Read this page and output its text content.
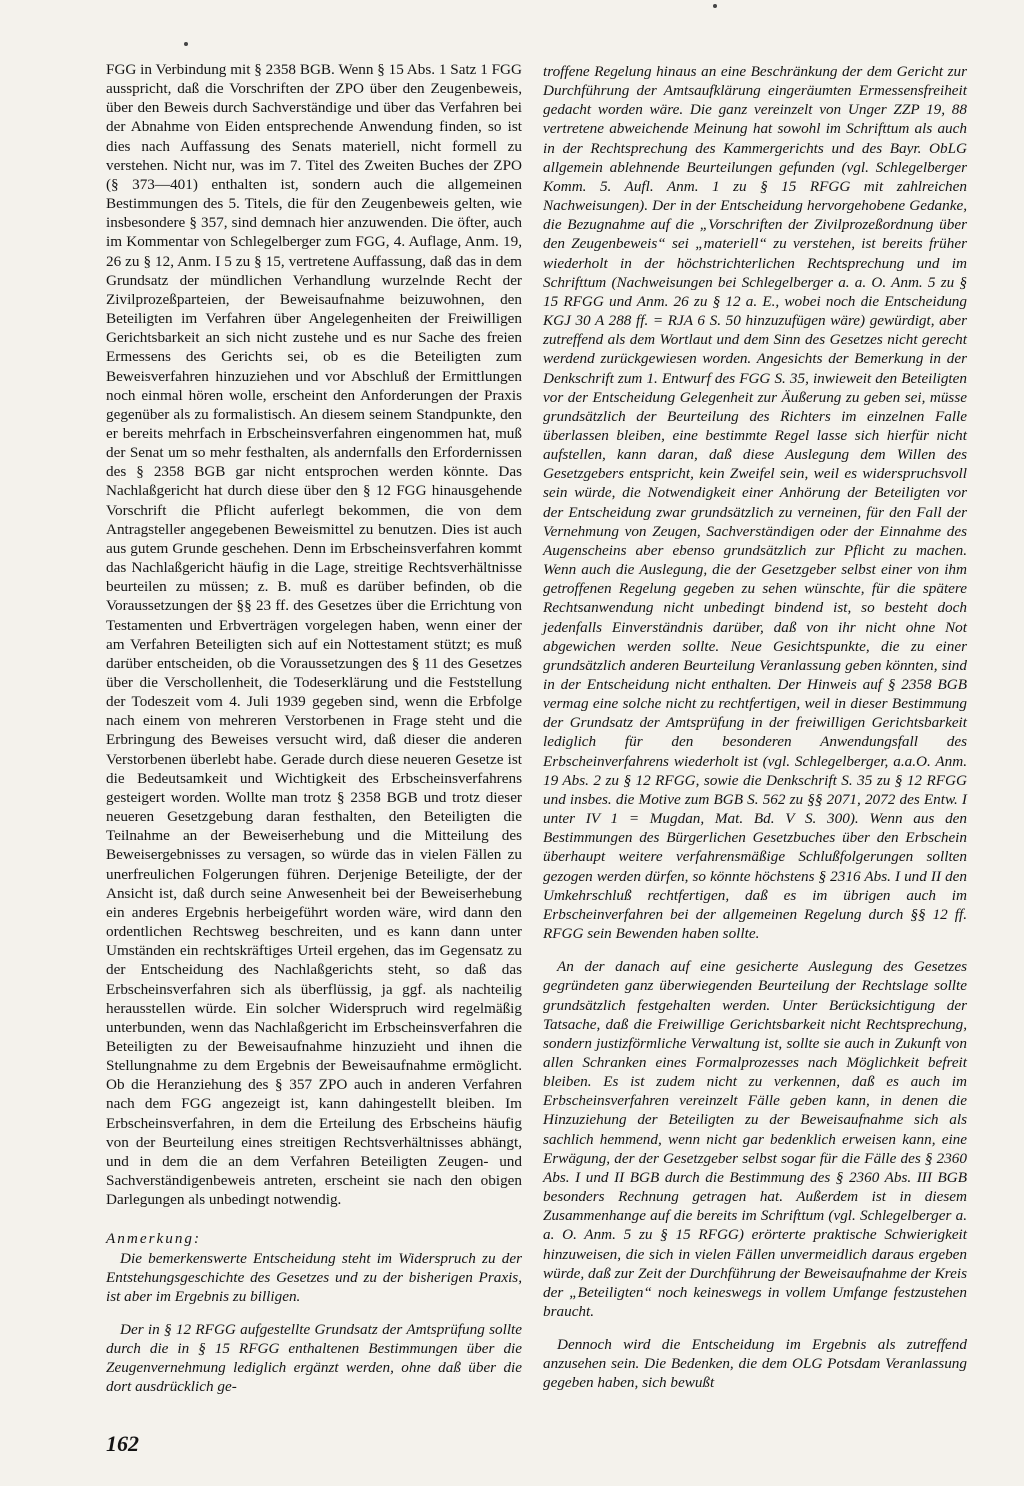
FGG in Verbindung mit § 2358 BGB. Wenn § 15 Abs. 1 Satz 1 FGG ausspricht, daß die Vorschriften der ZPO über den Zeugenbeweis, über den Beweis durch Sachverständige und über das Verfahren bei der Abnahme von Eiden entsprechende Anwendung finden, so ist dies nach Auffassung des Senats materiell, nicht formell zu verstehen. Nicht nur, was im 7. Titel des Zweiten Buches der ZPO (§ 373—401) enthalten ist, sondern auch die allgemeinen Bestimmungen des 5. Titels, die für den Zeugenbeweis gelten, wie insbesondere § 357, sind demnach hier anzuwenden. Die öfter, auch im Kommentar von Schlegelberger zum FGG, 4. Auflage, Anm. 19, 26 zu § 12, Anm. I 5 zu § 15, vertretene Auffassung, daß das in dem Grundsatz der mündlichen Verhandlung wurzelnde Recht der Zivilprozeßparteien, der Beweisaufnahme beizuwohnen, den Beteiligten im Verfahren über Angelegenheiten der Freiwilligen Gerichtsbarkeit an sich nicht zustehe und es nur Sache des freien Ermessens des Gerichts sei, ob es die Beteiligten zum Beweisverfahren hinzuziehen und vor Abschluß der Ermittlungen noch einmal hören wolle, erscheint den Anforderungen der Praxis gegenüber als zu formalistisch. An diesem seinem Standpunkte, den er bereits mehrfach in Erbscheinsverfahren eingenommen hat, muß der Senat um so mehr festhalten, als andernfalls den Erfordernissen des § 2358 BGB gar nicht entsprochen werden könnte. Das Nachlaßgericht hat durch diese über den § 12 FGG hinausgehende Vorschrift die Pflicht auferlegt bekommen, die von dem Antragsteller angegebenen Beweismittel zu benutzen. Dies ist auch aus gutem Grunde geschehen. Denn im Erbscheinsverfahren kommt das Nachlaßgericht häufig in die Lage, streitige Rechtsverhältnisse beurteilen zu müssen; z. B. muß es darüber befinden, ob die Voraussetzungen der §§ 23 ff. des Gesetzes über die Errichtung von Testamenten und Erbverträgen vorgelegen haben, wenn einer der am Verfahren Beteiligten sich auf ein Nottestament stützt; es muß darüber entscheiden, ob die Voraussetzungen des § 11 des Gesetzes über die Verschollenheit, die Todeserklärung und die Feststellung der Todeszeit vom 4. Juli 1939 gegeben sind, wenn die Erbfolge nach einem von mehreren Verstorbenen in Frage steht und die Erbringung des Beweises versucht wird, daß dieser die anderen Verstorbenen überlebt habe. Gerade durch diese neueren Gesetze ist die Bedeutsamkeit und Wichtigkeit des Erbscheinsverfahrens gesteigert worden. Wollte man trotz § 2358 BGB und trotz dieser neueren Gesetzgebung daran festhalten, den Beteiligten die Teilnahme an der Beweiserhebung und die Mitteilung des Beweisergebnisses zu versagen, so würde das in vielen Fällen zu unerfreulichen Folgerungen führen. Derjenige Beteiligte, der der Ansicht ist, daß durch seine Anwesenheit bei der Beweiserhebung ein anderes Ergebnis herbeigeführt worden wäre, wird dann den ordentlichen Rechtsweg beschreiten, und es kann dann unter Umständen ein rechtskräftiges Urteil ergehen, das im Gegensatz zu der Entscheidung des Nachlaßgerichts steht, so daß das Erbscheinsverfahren sich als überflüssig, ja ggf. als nachteilig herausstellen würde. Ein solcher Widerspruch wird regelmäßig unterbunden, wenn das Nachlaßgericht im Erbscheinsverfahren die Beteiligten zu der Beweisaufnahme hinzuzieht und ihnen die Stellungnahme zu dem Ergebnis der Beweisaufnahme ermöglicht. Ob die Heranziehung des § 357 ZPO auch in anderen Verfahren nach dem FGG angezeigt ist, kann dahingestellt bleiben. Im Erbscheinsverfahren, in dem die Erteilung des Erbscheins häufig von der Beurteilung eines streitigen Rechtsverhältnisses abhängt, und in dem die an dem Verfahren Beteiligten Zeugen- und Sachverständigenbeweis antreten, erscheint sie nach den obigen Darlegungen als unbedingt notwendig.

Anmerkung:

Die bemerkenswerte Entscheidung steht im Widerspruch zu der Entstehungsgeschichte des Gesetzes und zu der bisherigen Praxis, ist aber im Ergebnis zu billigen.

Der in § 12 RFGG aufgestellte Grundsatz der Amtsprüfung sollte durch die in § 15 RFGG enthaltenen Bestimmungen über die Zeugenvernehmung lediglich ergänzt werden, ohne daß über die dort ausdrücklich ge-

troffene Regelung hinaus an eine Beschränkung der dem Gericht zur Durchführung der Amtsaufklärung eingeräumten Ermessensfreiheit gedacht worden wäre. Die ganz vereinzelt von Unger ZZP 19, 88 vertretene abweichende Meinung hat sowohl im Schrifttum als auch in der Rechtsprechung des Kammergerichts und des Bayr. ObLG allgemein ablehnende Beurteilungen gefunden (vgl. Schlegelberger Komm. 5. Aufl. Anm. 1 zu § 15 RFGG mit zahlreichen Nachweisungen). Der in der Entscheidung hervorgehobene Gedanke, die Bezugnahme auf die „Vorschriften der Zivilprozeßordnung über den Zeugenbeweis“ sei „materiell“ zu verstehen, ist bereits früher wiederholt in der höchstrichterlichen Rechtsprechung und im Schrifttum (Nachweisungen bei Schlegelberger a. a. O. Anm. 5 zu § 15 RFGG und Anm. 26 zu § 12 a. E., wobei noch die Entscheidung KGJ 30 A 288 ff. = RJA 6 S. 50 hinzuzufügen wäre) gewürdigt, aber zutreffend als dem Wortlaut und dem Sinn des Gesetzes nicht gerecht werdend zurückgewiesen worden. Angesichts der Bemerkung in der Denkschrift zum 1. Entwurf des FGG S. 35, inwieweit den Beteiligten vor der Entscheidung Gelegenheit zur Äußerung zu geben sei, müsse grundsätzlich der Beurteilung des Richters im einzelnen Falle überlassen bleiben, eine bestimmte Regel lasse sich hierfür nicht aufstellen, kann daran, daß diese Auslegung dem Willen des Gesetzgebers entspricht, kein Zweifel sein, weil es widerspruchsvoll sein würde, die Notwendigkeit einer Anhörung der Beteiligten vor der Entscheidung zwar grundsätzlich zu verneinen, für den Fall der Vernehmung von Zeugen, Sachverständigen oder der Einnahme des Augenscheins aber ebenso grundsätzlich zur Pflicht zu machen. Wenn auch die Auslegung, die der Gesetzgeber selbst einer von ihm getroffenen Regelung gegeben zu sehen wünschte, für die spätere Rechtsanwendung nicht unbedingt bindend ist, so besteht doch jedenfalls Einverständnis darüber, daß von ihr nicht ohne Not abgewichen werden sollte. Neue Gesichtspunkte, die zu einer grundsätzlich anderen Beurteilung Veranlassung geben könnten, sind in der Entscheidung nicht enthalten. Der Hinweis auf § 2358 BGB vermag eine solche nicht zu rechtfertigen, weil in dieser Bestimmung der Grundsatz der Amtsprüfung in der freiwilligen Gerichtsbarkeit lediglich für den besonderen Anwendungsfall des Erbscheinverfahrens wiederholt ist (vgl. Schlegelberger, a.a.O. Anm. 19 Abs. 2 zu § 12 RFGG, sowie die Denkschrift S. 35 zu § 12 RFGG und insbes. die Motive zum BGB S. 562 zu §§ 2071, 2072 des Entw. I unter IV 1 = Mugdan, Mat. Bd. V S. 300). Wenn aus den Bestimmungen des Bürgerlichen Gesetzbuches über den Erbschein überhaupt weitere verfahrensmäßige Schlußfolgerungen sollten gezogen werden dürfen, so könnte höchstens § 2316 Abs. I und II den Umkehrschluß rechtfertigen, daß es im übrigen auch im Erbscheinverfahren bei der allgemeinen Regelung durch §§ 12 ff. RFGG sein Bewenden haben sollte.

An der danach auf eine gesicherte Auslegung des Gesetzes gegründeten ganz überwiegenden Beurteilung der Rechtslage sollte grundsätzlich festgehalten werden. Unter Berücksichtigung der Tatsache, daß die Freiwillige Gerichtsbarkeit nicht Rechtsprechung, sondern justizförmliche Verwaltung ist, sollte sie auch in Zukunft von allen Schranken eines Formalprozesses nach Möglichkeit befreit bleiben. Es ist zudem nicht zu verkennen, daß es auch im Erbscheinsverfahren vereinzelt Fälle geben kann, in denen die Hinzuziehung der Beteiligten zu der Beweisaufnahme sich als sachlich hemmend, wenn nicht gar bedenklich erweisen kann, eine Erwägung, der der Gesetzgeber selbst sogar für die Fälle des § 2360 Abs. I und II BGB durch die Bestimmung des § 2360 Abs. III BGB besonders Rechnung getragen hat. Außerdem ist in diesem Zusammenhange auf die bereits im Schrifttum (vgl. Schlegelberger a. a. O. Anm. 5 zu § 15 RFGG) erörterte praktische Schwierigkeit hinzuweisen, die sich in vielen Fällen unvermeidlich daraus ergeben würde, daß zur Zeit der Durchführung der Beweisaufnahme der Kreis der „Beteiligten“ noch keineswegs in vollem Umfange festzustehen braucht.

Dennoch wird die Entscheidung im Ergebnis als zutreffend anzusehen sein. Die Bedenken, die dem OLG Potsdam Veranlassung gegeben haben, sich bewußt

162
